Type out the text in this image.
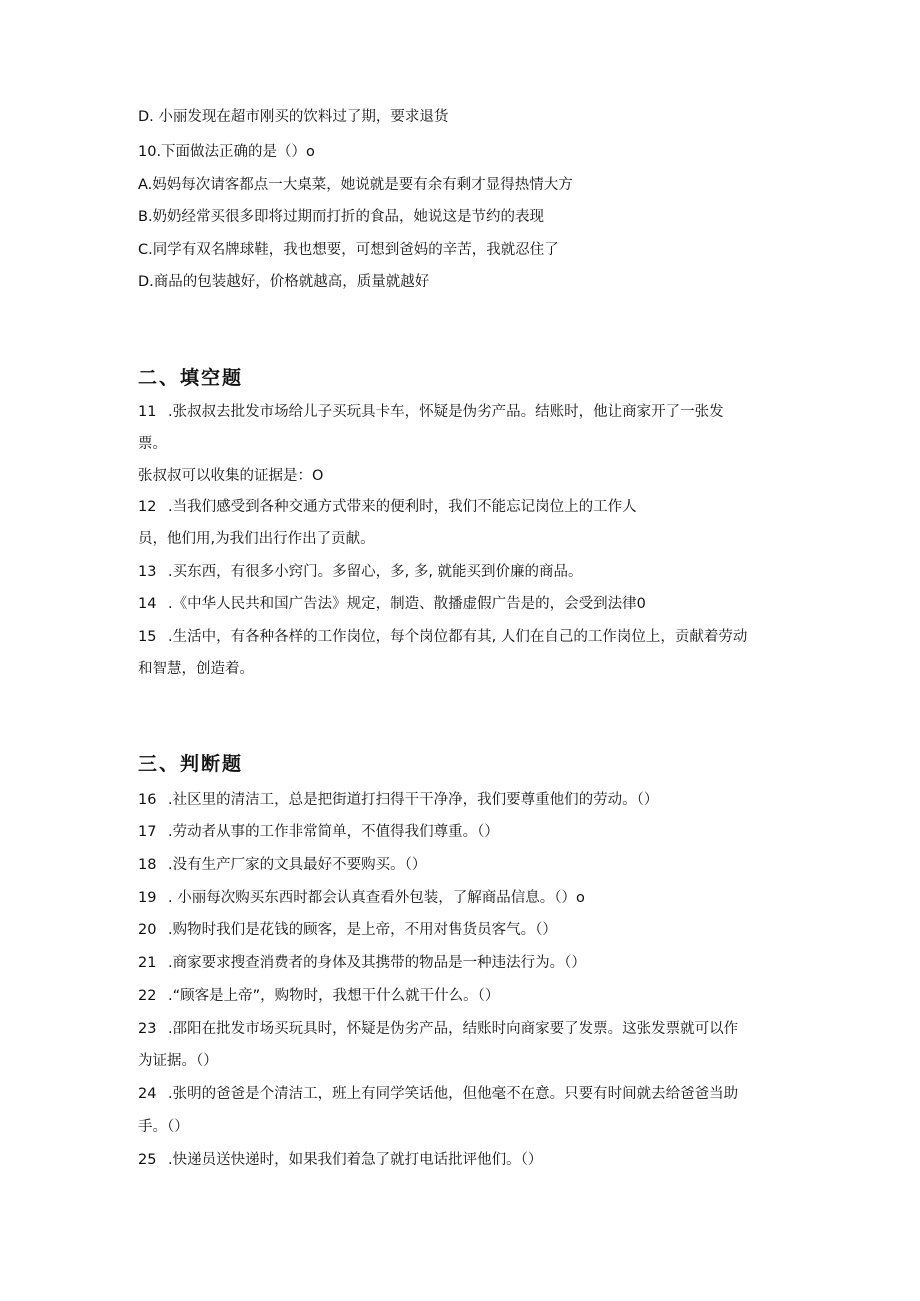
D. 小丽发现在超市刚买的饮料过了期，要求退货
10.下面做法正确的是（）o
A.妈妈每次请客都点一大桌菜，她说就是要有余有剩才显得热情大方
B.奶奶经常买很多即将过期而打折的食品，她说这是节约的表现
C.同学有双名牌球鞋，我也想要，可想到爸妈的辛苦，我就忍住了
D.商品的包装越好，价格就越高，质量就越好
二、填空题
11 .张叔叔去批发市场给儿子买玩具卡车，怀疑是伪劣产品。结账时，他让商家开了一张发
票。
张叔叔可以收集的证据是：O
12 .当我们感受到各种交通方式带来的便利时，我们不能忘记岗位上的工作人
员，他们用,为我们出行作出了贡献。
13 .买东西，有很多小窍门。多留心，多, 多, 就能买到价廉的商品。
14 .《中华人民共和国广告法》规定，制造、散播虚假广告是的，会受到法律0
15 .生活中，有各种各样的工作岗位，每个岗位都有其, 人们在自己的工作岗位上，贡献着劳动
和智慧，创造着。
三、判断题
16 .社区里的清洁工，总是把街道打扫得干干净净，我们要尊重他们的劳动。（）
17 .劳动者从事的工作非常简单，不值得我们尊重。（）
18 .没有生产厂家的文具最好不要购买。（）
19 . 小丽每次购买东西时都会认真查看外包装，了解商品信息。（）o
20 .购物时我们是花钱的顾客，是上帝，不用对售货员客气。（）
21 .商家要求搜查消费者的身体及其携带的物品是一种违法行为。（）
22 .“顾客是上帝”，购物时，我想干什么就干什么。（）
23 .邵阳在批发市场买玩具时，怀疑是伪劣产品，结账时向商家要了发票。这张发票就可以作
为证据。（）
24 .张明的爸爸是个清洁工，班上有同学笑话他，但他毫不在意。只要有时间就去给爸爸当助
手。（）
25 .快递员送快递时，如果我们着急了就打电话批评他们。（）
